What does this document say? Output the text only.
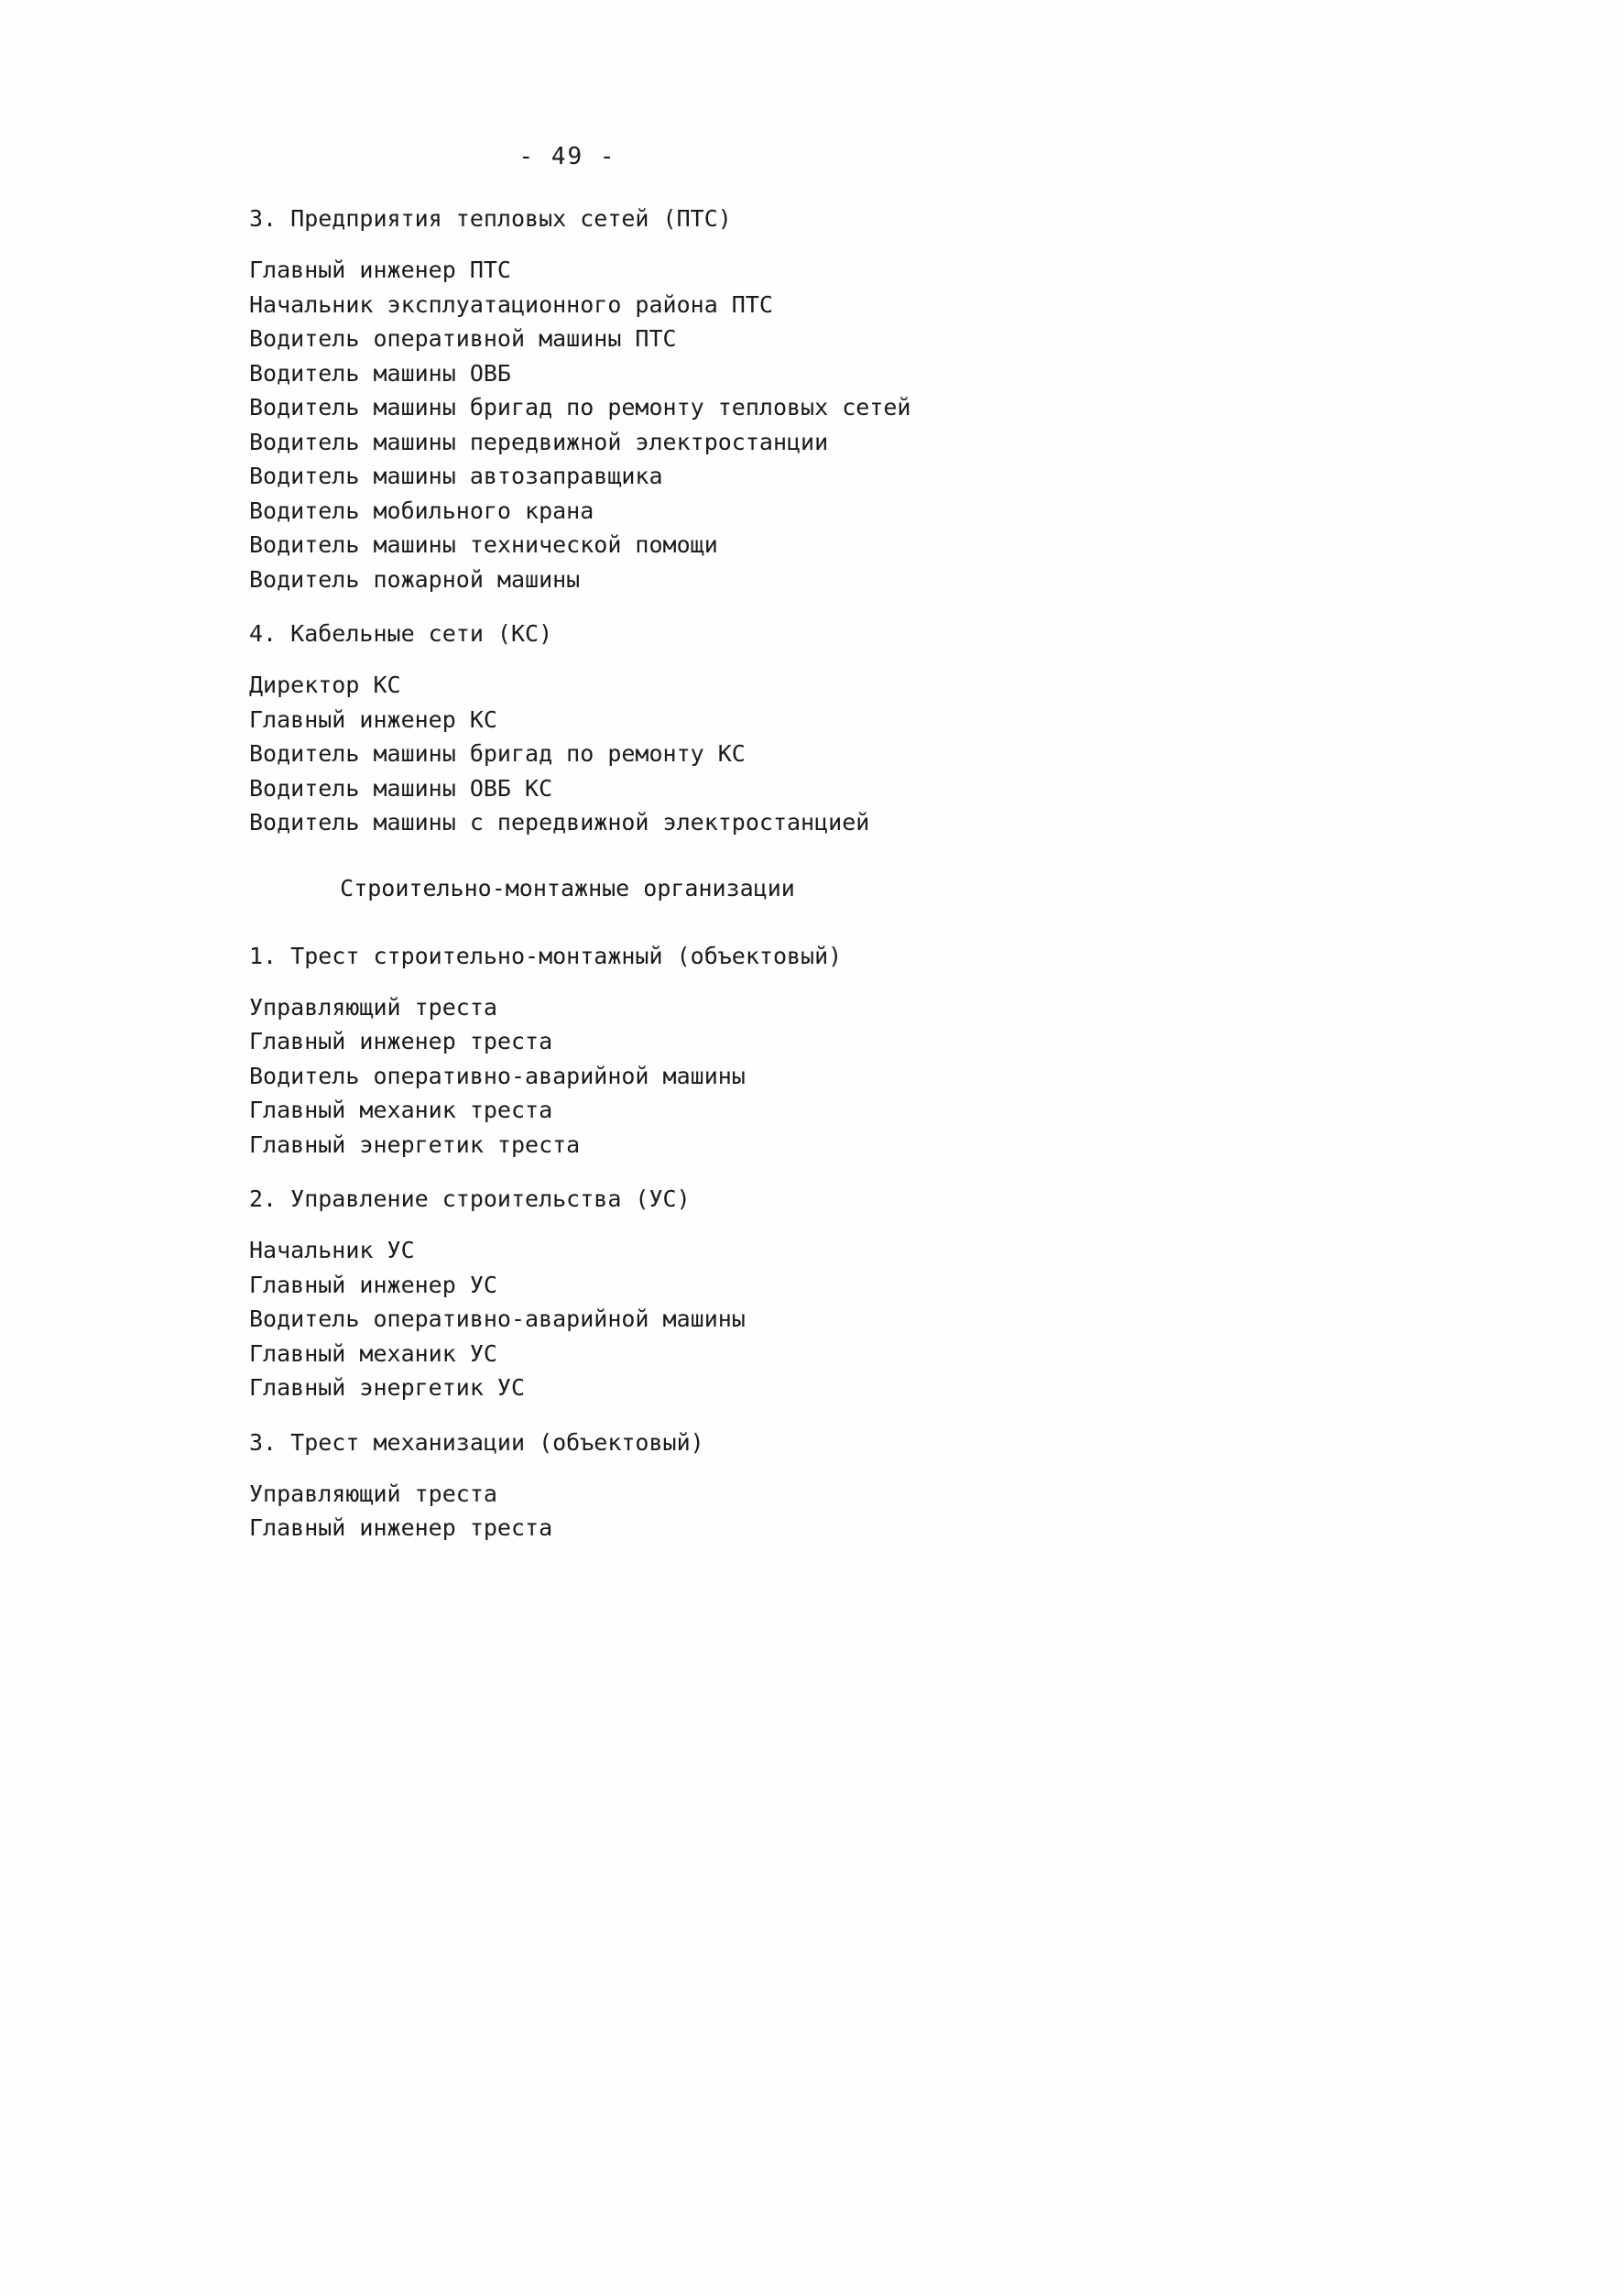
- 49 -
3. Предприятия тепловых сетей (ПТС)
Главный инженер ПТС
Начальник эксплуатационного района ПТС
Водитель оперативной машины ПТС
Водитель машины ОВБ
Водитель машины бригад по ремонту тепловых сетей
Водитель машины передвижной электростанции
Водитель машины автозаправщика
Водитель мобильного крана
Водитель машины технической помощи
Водитель пожарной машины
4. Кабельные сети (КС)
Директор КС
Главный инженер КС
Водитель машины бригад по ремонту КС
Водитель машины ОВБ КС
Водитель машины с передвижной электростанцией
Строительно-монтажные организации
1. Трест строительно-монтажный (объектовый)
Управляющий треста
Главный инженер треста
Водитель оперативно-аварийной машины
Главный механик треста
Главный энергетик треста
2. Управление строительства (УС)
Начальник УС
Главный инженер УС
Водитель оперативно-аварийной машины
Главный механик УС
Главный энергетик УС
3. Трест механизации (объектовый)
Управляющий треста
Главный инженер треста
